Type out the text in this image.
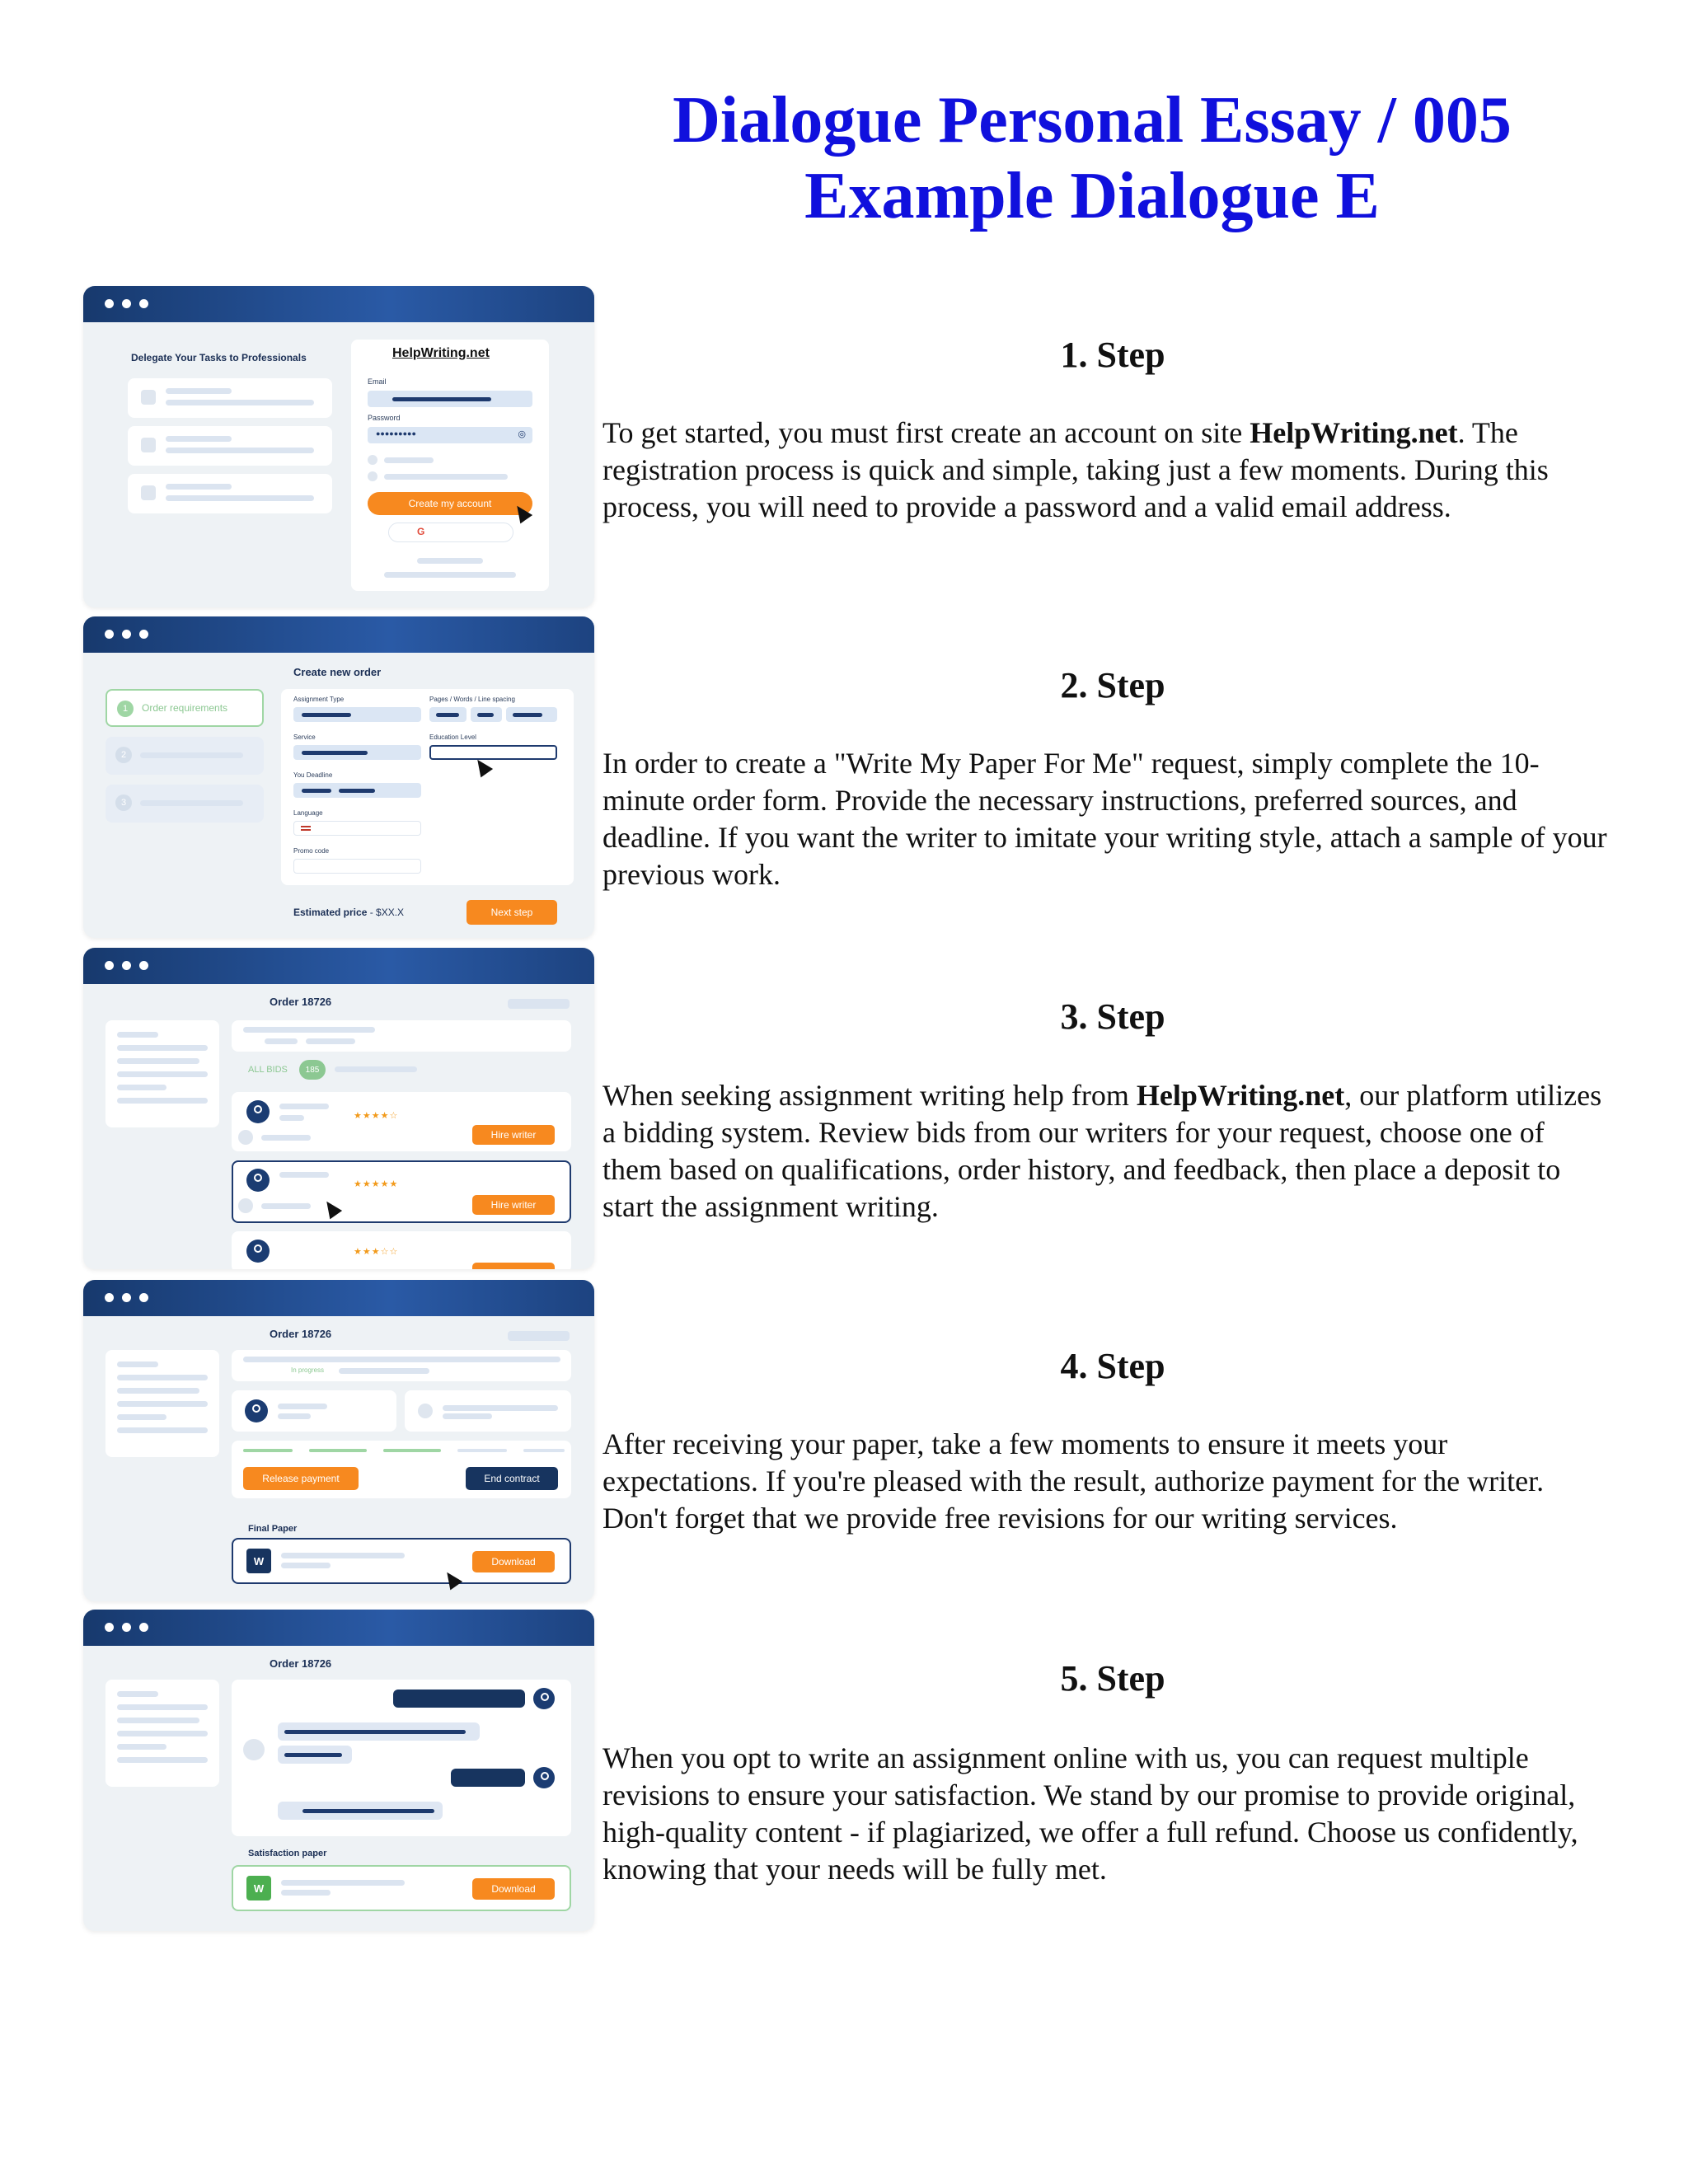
Dialogue Personal Essay / 005
Example Dialogue E
Delegate Your Tasks to Professionals	HelpWriting.net
Email
Password
●●●●●●●●●	◎
Create my account
G
Create new order
1	Order requirements
2
3
Assignment Type	Pages / Words / Line spacing
Service	Education Level
You Deadline
Language
Promo code
Estimated price - $XX.X	Next step
Order 18726
ALL BIDS	185
★★★★☆
Hire writer
★★★★★
Hire writer
★★★☆☆
Order 18726
In progress
Release payment	End contract
Final Paper
W	Download
Order 18726
Satisfaction paper
W	Download
1. Step

To get started, you must first create an account on site HelpWriting.net. The registration process is quick and simple, taking just a few moments. During this process, you will need to provide a password and a valid email address.

2. Step

In order to create a "Write My Paper For Me" request, simply complete the 10-minute order form. Provide the necessary instructions, preferred sources, and deadline. If you want the writer to imitate your writing style, attach a sample of your previous work.

3. Step

When seeking assignment writing help from HelpWriting.net, our platform utilizes a bidding system. Review bids from our writers for your request, choose one of them based on qualifications, order history, and feedback, then place a deposit to start the assignment writing.

4. Step

After receiving your paper, take a few moments to ensure it meets your expectations. If you're pleased with the result, authorize payment for the writer. Don't forget that we provide free revisions for our writing services.

5. Step

When you opt to write an assignment online with us, you can request multiple revisions to ensure your satisfaction. We stand by our promise to provide original, high-quality content - if plagiarized, we offer a full refund. Choose us confidently, knowing that your needs will be fully met.
